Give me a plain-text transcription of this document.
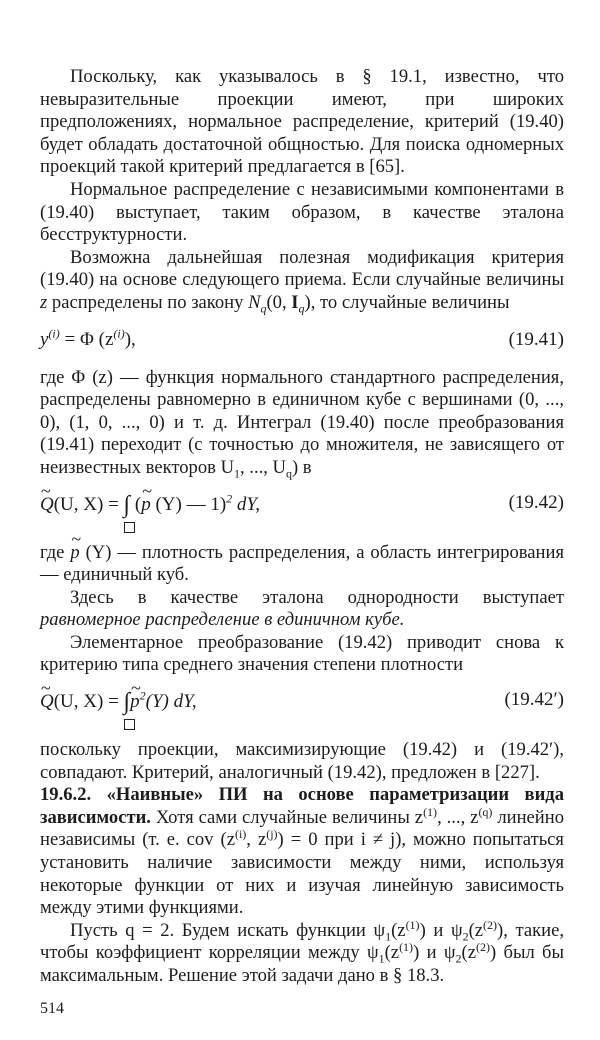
Поскольку, как указывалось в § 19.1, известно, что невыразительные проекции имеют, при широких предположениях, нормальное распределение, критерий (19.40) будет обладать достаточной общностью. Для поиска одномерных проекций такой критерий предлагается в [65].

Нормальное распределение с независимыми компонентами в (19.40) выступает, таким образом, в качестве эталона бесструктурности.

Возможна дальнейшая полезная модификация критерия (19.40) на основе следующего приема. Если случайные величины z распределены по закону $N_q(0$, $I_q$), то случайные величины

$y^{(i)} = \Phi$ $(z^{(i)})$,	(19.41)

где Φ (z) — функция нормального стандартного распределения, распределены равномерно в единичном кубе с вершинами (0, ..., 0), (1, 0, ..., 0) и т. д. Интеграл (19.40) после преобразования (19.41) переходит (с точностью до множителя, не зависящего от неизвестных векторов $U_1$, ..., $U_q$) в

~ Q(U, X) = ∫
(~ p (Y) — 1)$^2$ dY,	(19.42)

где ~ p (Y) — плотность распределения, а область интегрирования — единичный куб.

Здесь в качестве эталона однородности выступает равномерное распределение в единичном кубе.

Элементарное преобразование (19.42) приводит снова к критерию типа среднего значения степени плотности

~ Q(U, X) = ∫
~ $p^2(Y)$ dY,	(19.42′)

поскольку проекции, максимизирующие (19.42) и (19.42′), совпадают. Критерий, аналогичный (19.42), предложен в [227].

19.6.2. «Наивные» ПИ на основе параметризации вида зависимости. Хотя сами случайные величины $z^{(1)}$, ..., $z^{(q)}$ линейно независимы (т. е. cov ($z^{(i)}$, $z^{(j)}) = 0$ при i ≠ j), можно попытаться установить наличие зависимости между ними, используя некоторые функции от них и изучая линейную зависимость между этими функциями.

Пусть q = 2. Будем искать функции $\psi_1(z^{(1)})$ и $\psi_2(z^{(2)})$, такие, чтобы коэффициент корреляции между $\psi_1(z^{(1)})$ и $\psi_2(z^{(2)})$ был бы максимальным. Решение этой задачи дано в § 18.3.

514
